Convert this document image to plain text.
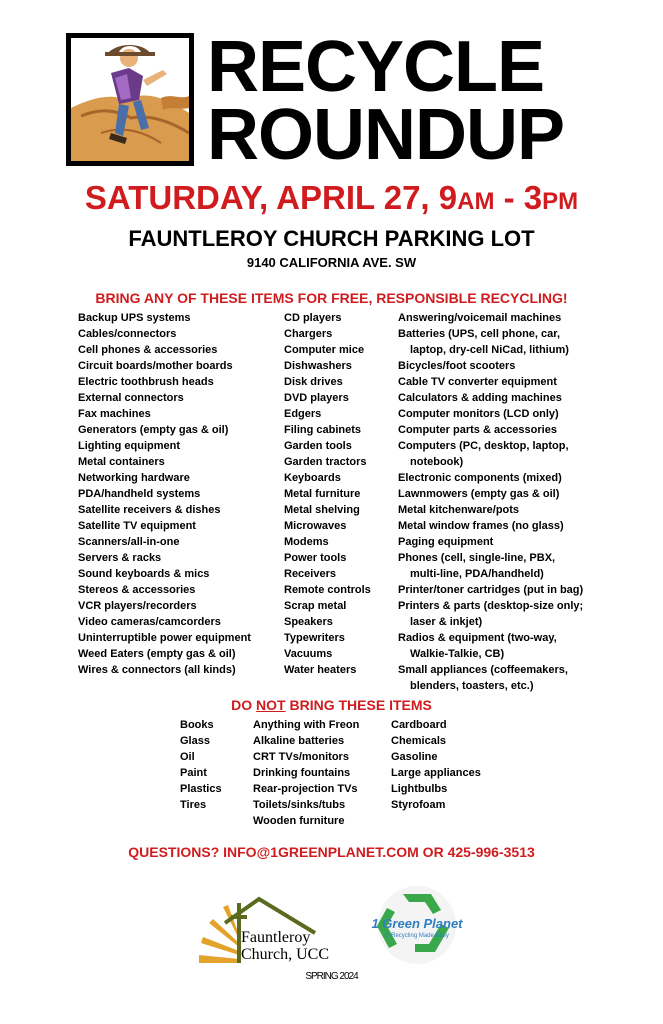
RECYCLE
ROUNDUP
SATURDAY, APRIL 27, 9AM - 3PM
FAUNTLEROY CHURCH PARKING LOT
9140 CALIFORNIA AVE. SW
BRING ANY OF THESE ITEMS FOR FREE, RESPONSIBLE RECYCLING!
Backup UPS systems
Cables/connectors
Cell phones & accessories
Circuit boards/mother boards
Electric toothbrush heads
External connectors
Fax machines
Generators (empty gas & oil)
Lighting equipment
Metal containers
Networking hardware
PDA/handheld systems
Satellite receivers & dishes
Satellite TV equipment
Scanners/all-in-one
Servers & racks
Sound keyboards & mics
Stereos & accessories
VCR players/recorders
Video cameras/camcorders
Uninterruptible power equipment
Weed Eaters (empty gas & oil)
Wires & connectors (all kinds)
CD players
Chargers
Computer mice
Dishwashers
Disk drives
DVD players
Edgers
Filing cabinets
Garden tools
Garden tractors
Keyboards
Metal furniture
Metal shelving
Microwaves
Modems
Power tools
Receivers
Remote controls
Scrap metal
Speakers
Typewriters
Vacuums
Water heaters
Answering/voicemail machines
Batteries (UPS, cell phone, car,
laptop, dry-cell NiCad, lithium)
Bicycles/foot scooters
Cable TV converter equipment
Calculators & adding machines
Computer monitors (LCD only)
Computer parts & accessories
Computers (PC, desktop, laptop,
notebook)
Electronic components (mixed)
Lawnmowers (empty gas & oil)
Metal kitchenware/pots
Metal window frames (no glass)
Paging equipment
Phones (cell, single-line, PBX,
multi-line, PDA/handheld)
Printer/toner cartridges (put in bag)
Printers & parts (desktop-size only;
laser & inkjet)
Radios & equipment (two-way,
Walkie-Talkie, CB)
Small appliances (coffeemakers,
blenders, toasters, etc.)
DO NOT BRING THESE ITEMS
Books
Glass
Oil
Paint
Plastics
Tires
Anything with Freon
Alkaline batteries
CRT TVs/monitors
Drinking fountains
Rear-projection TVs
Toilets/sinks/tubs
Wooden furniture
Cardboard
Chemicals
Gasoline
Large appliances
Lightbulbs
Styrofoam
QUESTIONS? INFO@1GREENPLANET.COM OR 425-996-3513
Fauntleroy
Church, UCC
1 Green Planet
E-Recycling Made Easy
SPRING 2024
